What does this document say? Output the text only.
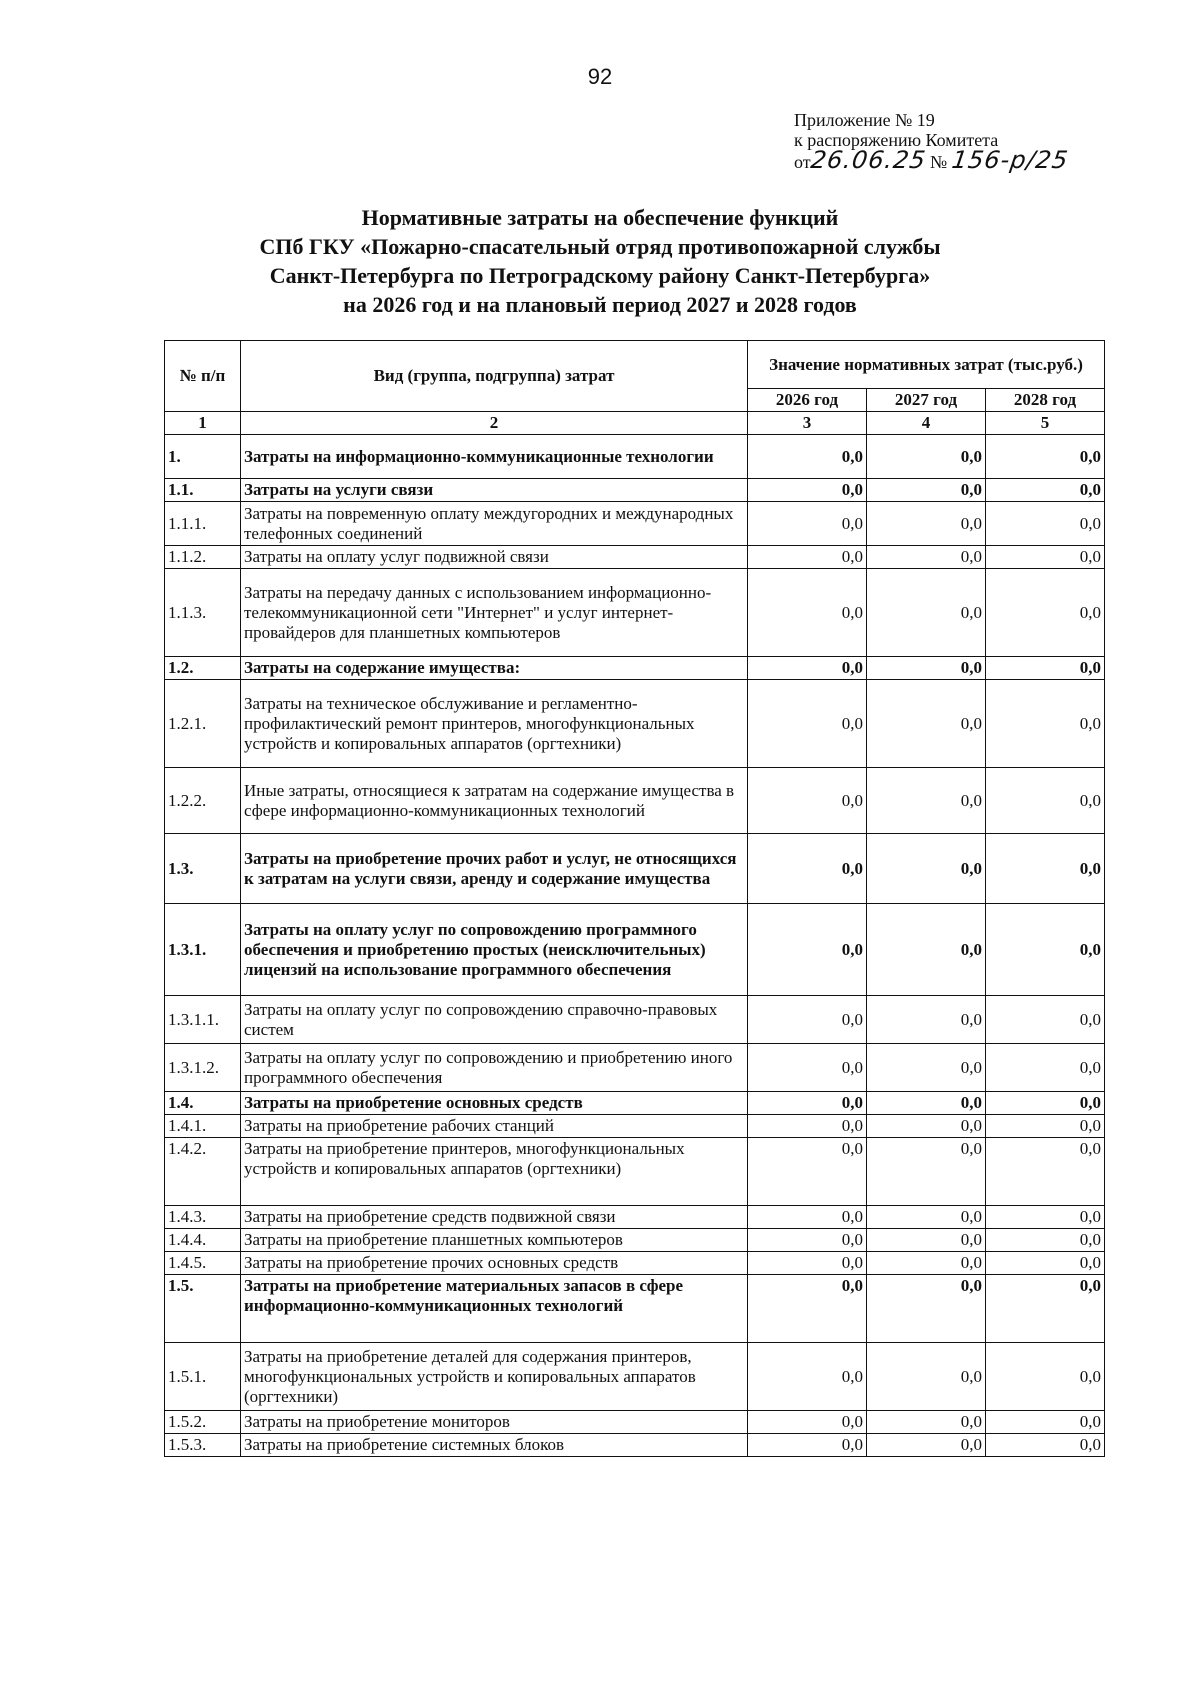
92
Приложение № 19
к распоряжению Комитета
от26.06.25 № 156-р/25
Нормативные затраты на обеспечение функций
СПб ГКУ «Пожарно-спасательный отряд противопожарной службы
Санкт-Петербурга по Петроградскому району Санкт-Петербурга»
на 2026 год и на плановый период 2027 и 2028 годов
№ п/п	Вид (группа, подгруппа) затрат	Значение нормативных затрат (тыс.руб.)		
		2026 год	2027 год	2028 год
1	2	3	4	5
1.	Затраты на информационно-коммуникационные технологии	0,0	0,0	0,0
1.1.	Затраты на услуги связи	0,0	0,0	0,0
1.1.1.	Затраты на повременную оплату междугородних и международных телефонных соединений	0,0	0,0	0,0
1.1.2.	Затраты на оплату услуг подвижной связи	0,0	0,0	0,0
1.1.3.	Затраты на передачу данных с использованием информационно-телекоммуникационной сети "Интернет" и услуг интернет-провайдеров для планшетных компьютеров	0,0	0,0	0,0
1.2.	Затраты на содержание имущества:	0,0	0,0	0,0
1.2.1.	Затраты на техническое обслуживание и регламентно-профилактический ремонт принтеров, многофункциональных устройств и копировальных аппаратов (оргтехники)	0,0	0,0	0,0
1.2.2.	Иные затраты, относящиеся к затратам на содержание имущества в сфере информационно-коммуникационных технологий	0,0	0,0	0,0
1.3.	Затраты на приобретение прочих работ и услуг, не относящихся к затратам на услуги связи, аренду и содержание имущества	0,0	0,0	0,0
1.3.1.	Затраты на оплату услуг по сопровождению программного обеспечения и приобретению простых (неисключительных) лицензий на использование программного обеспечения	0,0	0,0	0,0
1.3.1.1.	Затраты на оплату услуг по сопровождению справочно-правовых систем	0,0	0,0	0,0
1.3.1.2.	Затраты на оплату услуг по сопровождению и приобретению иного программного обеспечения	0,0	0,0	0,0
1.4.	Затраты на приобретение основных средств	0,0	0,0	0,0
1.4.1.	Затраты на приобретение рабочих станций	0,0	0,0	0,0
1.4.2.	Затраты на приобретение принтеров, многофункциональных устройств и копировальных аппаратов (оргтехники)	0,0	0,0	0,0
1.4.3.	Затраты на приобретение средств подвижной связи	0,0	0,0	0,0
1.4.4.	Затраты на приобретение планшетных компьютеров	0,0	0,0	0,0
1.4.5.	Затраты на приобретение прочих основных средств	0,0	0,0	0,0
1.5.	Затраты на приобретение материальных запасов в сфере информационно-коммуникационных технологий	0,0	0,0	0,0
1.5.1.	Затраты на приобретение деталей для содержания принтеров, многофункциональных устройств и копировальных аппаратов (оргтехники)	0,0	0,0	0,0
1.5.2.	Затраты на приобретение мониторов	0,0	0,0	0,0
1.5.3.	Затраты на приобретение системных блоков	0,0	0,0	0,0
